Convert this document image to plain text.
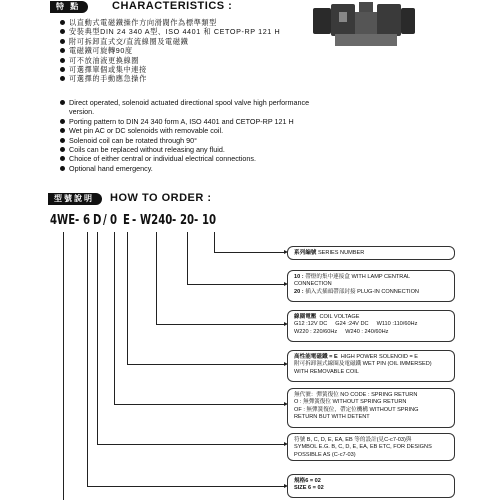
特 點	CHARACTERISTICS :
以直動式電磁鐵操作方向滑閥作為標準類型
安裝典型DIN 24 340 A型、ISO 4401 和 CETOP-RP 121 H
附可拆卸直式交/直流線圈及電磁鐵
電磁鐵可旋轉90度
可不放油液更換線圈
可選擇單個或集中連接
可選擇的手動應急操作
Direct operated, solenoid actuated directional spool valve high performance version.
Porting pattern to DIN 24 340 form A, ISO 4401 and CETOP-RP 121 H
Wet pin AC or DC solenoids with removable coil.
Solenoid coil can be rotated through 90°
Coils can be replaced without releasing any fluid.
Choice of either central or individual electrical connections.
Optional hand emergency.
型號說明	HOW TO ORDER :
4WE - 6 D / 0 E - W240 - 20 - 10
系列編號 SERIES NUMBER
10 : 帶燈的集中連接盒 WITH LAMP CENTRAL CONNECTION
20 : 插入式插頭帶部封接 PLUG-IN CONNECTION
線圈電壓 COIL VOLTAGE
G12 :12V DC G24 :24V DC W110 :110/60Hz
W220 : 220/60Hz W240 : 240/60Hz
高性能電磁鐵 = E HIGH POWER SOLENOID = E
附可拆卸濕式線圈及電磁鐵 WET PIN (OIL IMMERSED)
WITH REMOVABLE COIL
無代號：彈簧復位 NO CODE : SPRING RETURN
O : 無彈簧復位 WITHOUT SPRING RETURN
OF : 無彈簧復位，帶定位機構 WITHOUT SPRING
RETURN BUT WITH DETENT
符號 B, C, D, E, EA, EB 等的設計(見C-c7-03)與
SYMBOL E.G. B, C, D, E, EA, EB ETC, FOR DESIGNS
POSSIBLE AS (C-c7-03)
規格6 = 02
SIZE 6 = 02
